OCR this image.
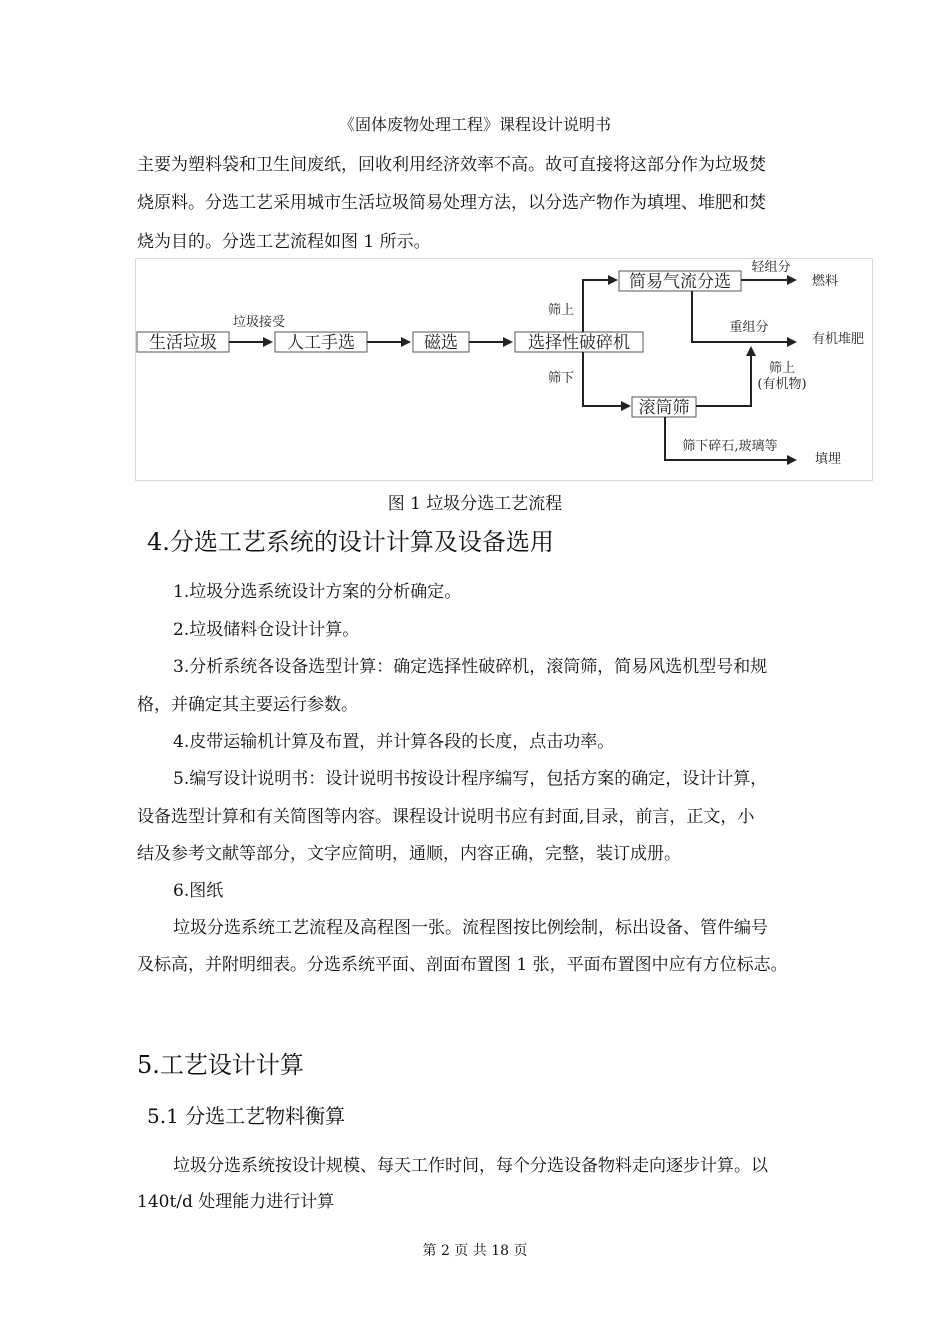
《固体废物处理工程》课程设计说明书
主要为塑料袋和卫生间废纸，回收利用经济效率不高。故可直接将这部分作为垃圾焚
烧原料。分选工艺采用城市生活垃圾简易处理方法，以分选产物作为填埋、堆肥和焚
烧为目的。分选工艺流程如图 1 所示。
生活垃圾	人工手选	磁选	选择性破碎机
简易气流分选
滚筒筛
垃圾接受
筛上
筛下
轻组分
燃料
重组分
有机堆肥
筛上
(有机物)
筛下碎石,玻璃等
填埋
图 1 垃圾分选工艺流程
4.分选工艺系统的设计计算及设备选用
1.垃圾分选系统设计方案的分析确定。
2.垃圾储料仓设计计算。
3.分析系统各设备选型计算：确定选择性破碎机，滚筒筛，简易风选机型号和规
格，并确定其主要运行参数。
4.皮带运输机计算及布置，并计算各段的长度，点击功率。
5.编写设计说明书：设计说明书按设计程序编写，包括方案的确定，设计计算，
设备选型计算和有关简图等内容。课程设计说明书应有封面,目录，前言，正文，小
结及参考文献等部分，文字应简明，通顺，内容正确，完整，装订成册。
6.图纸
垃圾分选系统工艺流程及高程图一张。流程图按比例绘制，标出设备、管件编号
及标高，并附明细表。分选系统平面、剖面布置图 1 张，平面布置图中应有方位标志。
5.工艺设计计算
5.1 分选工艺物料衡算
垃圾分选系统按设计规模、每天工作时间，每个分选设备物料走向逐步计算。以
140t/d 处理能力进行计算
第 2 页 共 18 页
